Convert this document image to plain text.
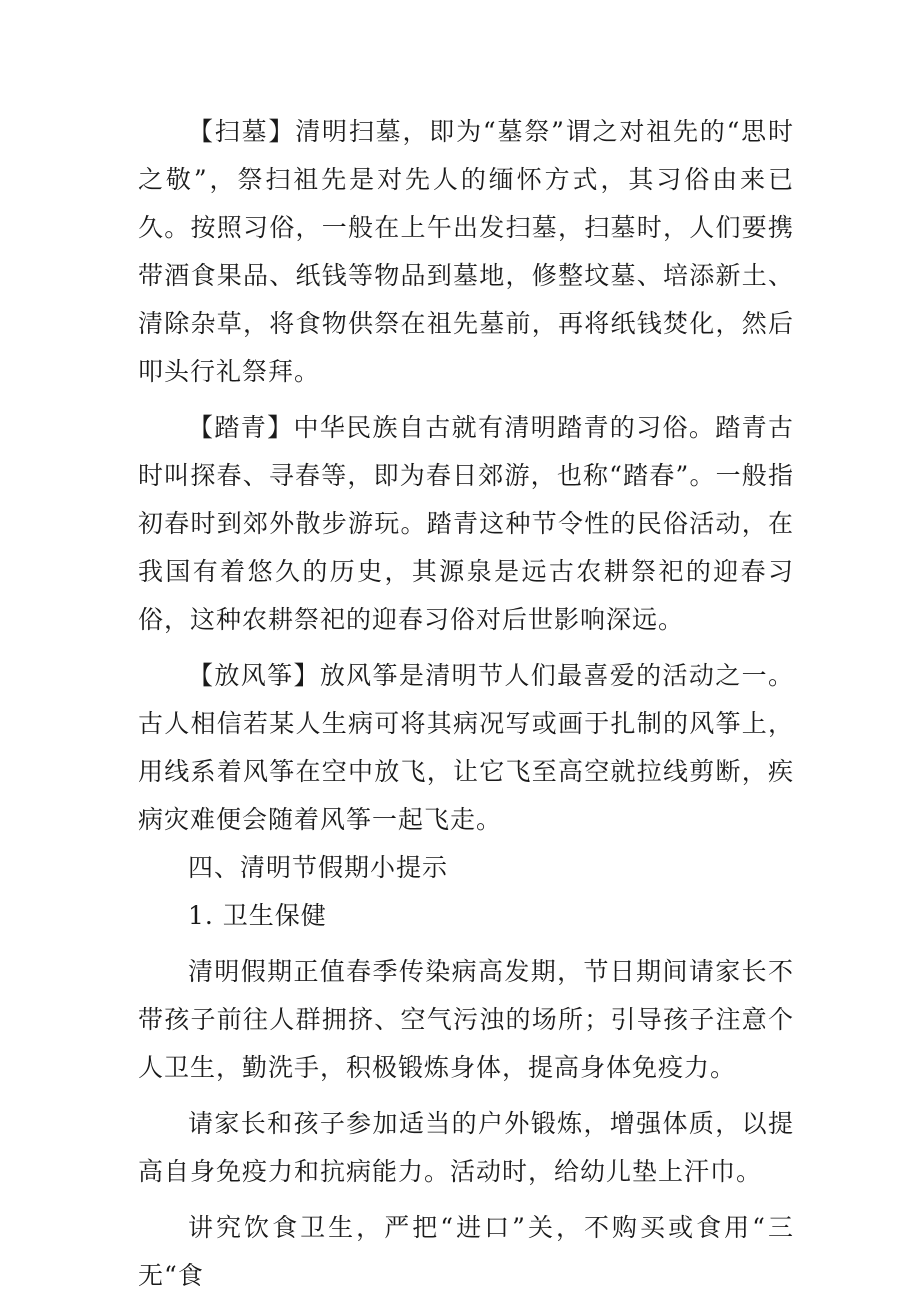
【扫墓】清明扫墓，即为“墓祭”谓之对祖先的“思时之敬”，祭扫祖先是对先人的缅怀方式，其习俗由来已久。按照习俗，一般在上午出发扫墓，扫墓时，人们要携带酒食果品、纸钱等物品到墓地，修整坟墓、培添新土、清除杂草，将食物供祭在祖先墓前，再将纸钱焚化，然后叩头行礼祭拜。

【踏青】中华民族自古就有清明踏青的习俗。踏青古时叫探春、寻春等，即为春日郊游，也称“踏春”。一般指初春时到郊外散步游玩。踏青这种节令性的民俗活动，在我国有着悠久的历史，其源泉是远古农耕祭祀的迎春习俗，这种农耕祭祀的迎春习俗对后世影响深远。

【放风筝】放风筝是清明节人们最喜爱的活动之一。古人相信若某人生病可将其病况写或画于扎制的风筝上，用线系着风筝在空中放飞，让它飞至高空就拉线剪断，疾病灾难便会随着风筝一起飞走。

四、清明节假期小提示

1. 卫生保健

清明假期正值春季传染病高发期，节日期间请家长不带孩子前往人群拥挤、空气污浊的场所；引导孩子注意个人卫生，勤洗手，积极锻炼身体，提高身体免疫力。

请家长和孩子参加适当的户外锻炼，增强体质，以提高自身免疫力和抗病能力。活动时，给幼儿垫上汗巾。

讲究饮食卫生，严把“进口”关，不购买或食用“三无“食
